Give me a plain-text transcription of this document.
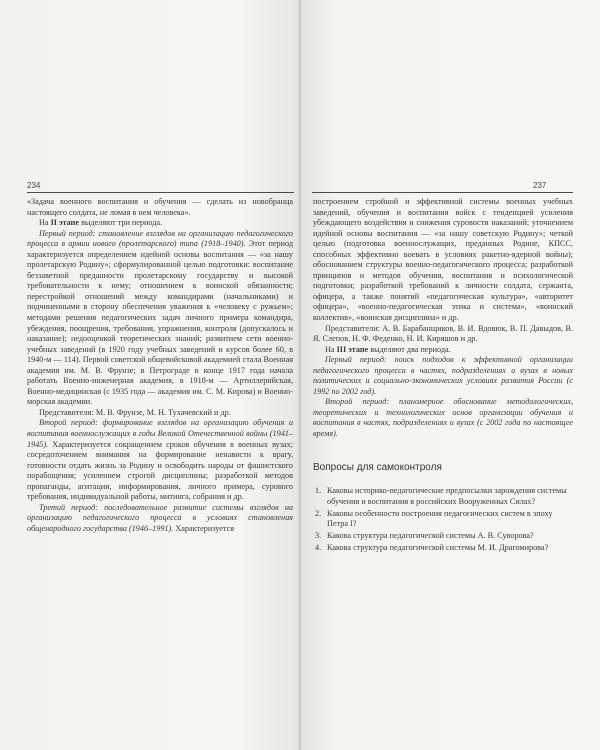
234	237

«Задача военного воспитания и обучения — сделать из новобранца настоящего солдата, не ломая в нем человека».

На II этапе выделяют три периода.

Первый период: становление взглядов на организацию педагогического процесса в армии нового (пролетарского) типа (1918–1940). Этот период характеризуется определением идейной основы воспитания — «за нашу пролетарскую Родину»; сформулированной целью подготовки: воспитание беззаветной преданности пролетарскому государству и высокой требовательности к нему; отношением к воинской обязанности; перестройкой отношений между командирами (начальниками) и подчиненными в сторону обеспечения уважения к «человеку с ружьем»; методами решения педагогических задач личного примера командира, убеждения, поощрения, требования, упражнения, контроля (допускалось и наказание); недооценкой теоретических знаний; развитием сети военно-учебных заведений (в 1920 году учебных заведений и курсов более 60, в 1940-м — 114). Первой советской общевойсковой академией стала Военная академия им. М. В. Фрунзе; в Петрограде в конце 1917 года начала работать Военно-инженерная академия, в 1918-м — Артиллерийская, Военно-медицинская (с 1935 года — академия им. С. М. Кирова) и Военно-морская академии.

Представители: М. В. Фрунзе, М. Н. Тухачевский и др.

Второй период: формирование взглядов на организацию обучения и воспитания военнослужащих в годы Великой Отечественной войны (1941–1945). Характеризуется сокращением сроков обучения в военных вузах; сосредоточением внимания на формирование ненависти к врагу, готовности отдать жизнь за Родину и освободить народы от фашистского порабощения; усилением строгой дисциплины; разработкой методов пропаганды, агитации, информирования, личного примера, сурового требования, индивидуальной работы, митинга, собрания и др.

Третий период: последовательное развитие системы взглядов на организацию педагогического процесса в условиях становления общенародного государства (1946–1991). Характеризуется

построением стройной и эффективной системы военных учебных заведений, обучения и воспитания войск с тенденцией усиления убеждающего воздействия и снижения суровости наказаний; уточнением идейной основы воспитания — «за нашу советскую Родину»; четкой целью (подготовка военнослужащих, преданных Родине, КПСС, способных эффективно воевать в условиях ракетно-ядерной войны); обоснованием структуры военно-педагогического процесса; разработкой принципов и методов обучения, воспитания и психологической подготовки; разработкой требований к личности солдата, сержанта, офицера, а также понятий «педагогическая культура», «авторитет офицера», «военно-педагогическая этика и система», «воинский коллектив», «воинская дисциплина» и др.

Представители: А. В. Барабанщиков, В. И. Вдовюк, В. П. Давыдов, В. Я. Слепов, Н. Ф. Феденко, Н. И. Киряшов и др.

На III этапе выделяют два периода.

Первый период: поиск подходов к эффективной организации педагогического процесса в частях, подразделениях и вузах в новых политических и социально-экономических условиях развития России (с 1992 по 2002 год).

Второй период: планомерное обоснование методологических, теоретических и технологических основ организации обучения и воспитания в частях, подразделениях и вузах (с 2002 года по настоящее время).

Вопросы для самоконтроля
1. Каковы историко-педагогические предпосылки зарождения системы обучения и воспитания в российских Вооруженных Силах?
2. Каковы особенности построения педагогических систем в эпоху Петра I?
3. Какова структура педагогической системы А. В. Суворова?
4. Какова структура педагогической системы М. И. Драгомирова?
